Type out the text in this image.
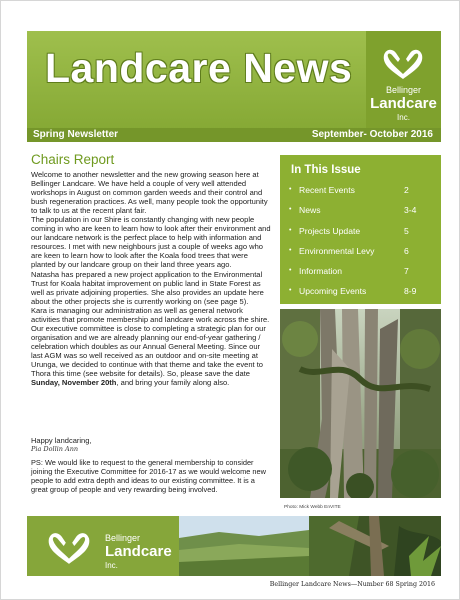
Landcare News	Bellinger
Landcare
Inc.
Spring Newsletter	September- October 2016
Chairs Report

Welcome to another newsletter and the new growing season here at Bellinger Landcare. We have held a couple of very well attended workshops in August on common garden weeds and their control and bush regeneration practices. As well, many people took the opportunity to talk to us at the recent plant fair.

The population in our Shire is constantly changing with new people coming in who are keen to learn how to look after their environment and our landcare network is the perfect place to help with information and resources. I met with new neighbours just a couple of weeks ago who are keen to learn how to look after the Koala food trees that were planted by our landcare group on their land three years ago.

Natasha has prepared a new project application to the Environmental Trust for Koala habitat improvement on public land in State Forest as well as private adjoining properties. She also provides an update here about the other projects she is currently working on (see page 5).

Kara is managing our administration as well as general network activities that promote membership and landcare work across the shire.

Our executive committee is close to completing a strategic plan for our organisation and we are already planning our end-of-year gathering / celebration which doubles as our Annual General Meeting. Since our last AGM was so well received as an outdoor and on-site meeting at Urunga, we decided to continue with that theme and take the event to Thora this time (see website for details). So, please save the date Sunday, November 20th, and bring your family along also.

Happy landcaring,
Pia Dollin Ann
PS: We would like to request to the general membership to consider joining the Executive Committee for 2016-17 as we would welcome new people to add extra depth and ideas to our existing committee. It is a great group of people and very rewarding being involved.
In This Issue
• Recent Events	2
• News	3-4
• Projects Update	5
• Environmental Levy	6
• Information	7
• Upcoming Events	8-9
Photo: Mick Webb EnVITE
Bellinger
Landcare
Inc.
Bellinger Landcare News—Number 68 Spring 2016
